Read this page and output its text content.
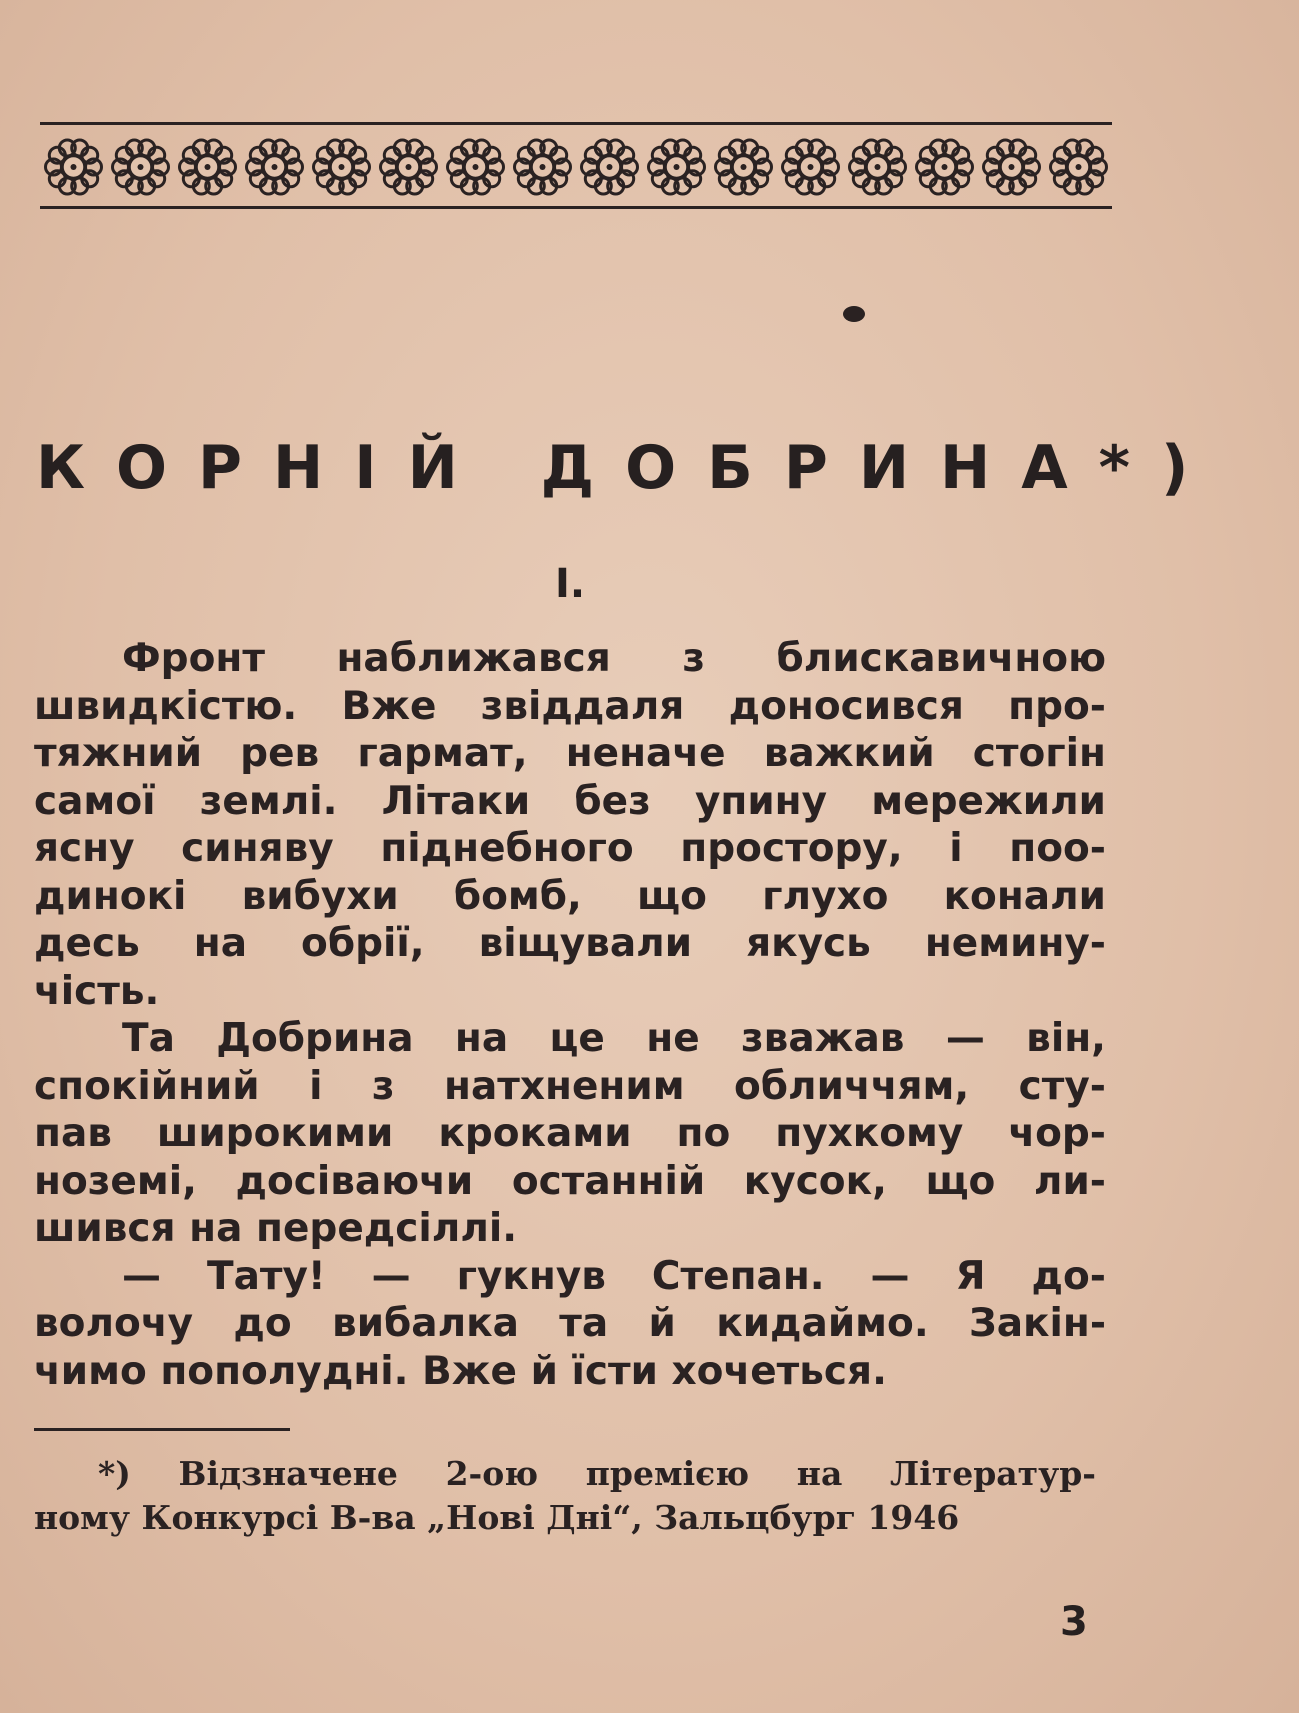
КОРНІЙ ДОБРИНА*)
I.
Фронт наближався з блискавичною
швидкістю. Вже звіддаля доносився про-
тяжний рев гармат, неначе важкий стогін
самої землі. Літаки без упину мережили
ясну синяву піднебного простору, і поо-
динокі вибухи бомб, що глухо конали
десь на обрії, віщували якусь немину-
чість.
Та Добрина на це не зважав — він,
спокійний і з натхненим обличчям, сту-
пав широкими кроками по пухкому чор-
ноземі, досіваючи останній кусок, що ли-
шився на передсіллі.
— Тату! — гукнув Степан. — Я до-
волочу до вибалка та й кидаймо. Закін-
чимо пополудні. Вже й їсти хочеться.
*) Відзначене 2-ою премією на Літератур-
ному Конкурсі В-ва „Нові Дні“, Зальцбург 1946
3
